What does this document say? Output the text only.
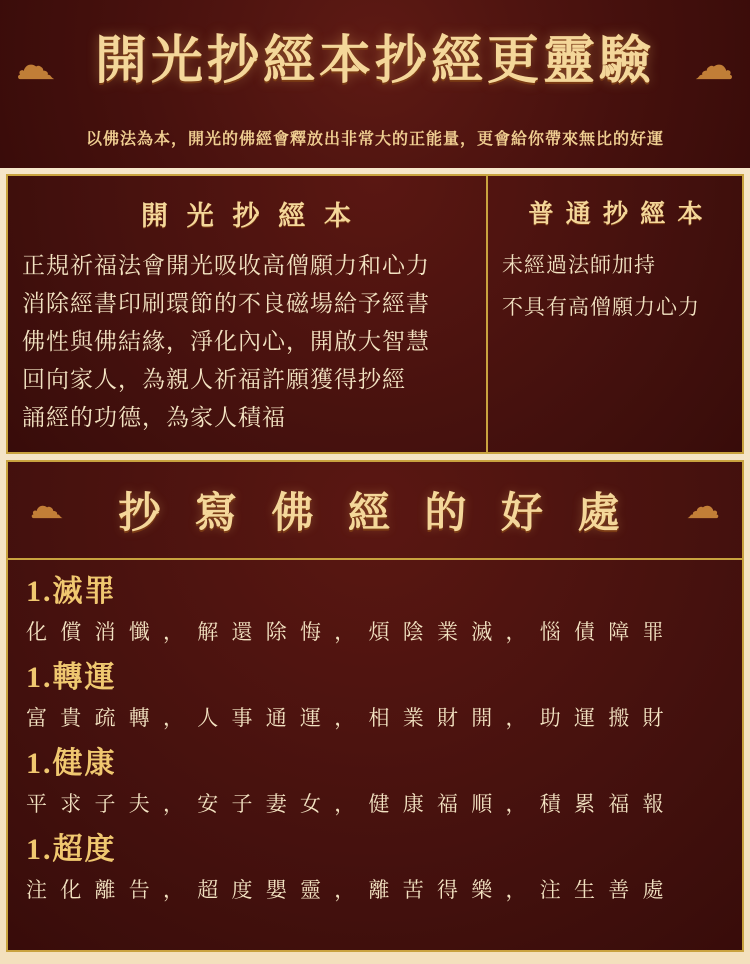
☁	☁
開光抄經本抄經更靈驗
以佛法為本，開光的佛經會釋放出非常大的正能量，更會給你帶來無比的好運
開 光 抄 經 本
正規祈福法會開光吸收高僧願力和心力
消除經書印刷環節的不良磁場給予經書
佛性與佛結緣，淨化內心，開啟大智慧
回向家人，為親人祈福許願獲得抄經
誦經的功德，為家人積福
普 通 抄 經 本
未經過法師加持
不具有高僧願力心力
☁	☁
抄 寫 佛 經 的 好 處
1.滅罪
化 償 消 懺 ， 解 還 除 悔 ， 煩 陰 業 滅 ， 惱 債 障 罪
1.轉運
富 貴 疏 轉 ， 人 事 通 運 ， 相 業 財 開 ， 助 運 搬 財
1.健康
平 求 子 夫 ， 安 子 妻 女 ， 健 康 福 順 ， 積 累 福 報
1.超度
注 化 離 告 ， 超 度 嬰 靈 ， 離 苦 得 樂 ， 注 生 善 處
